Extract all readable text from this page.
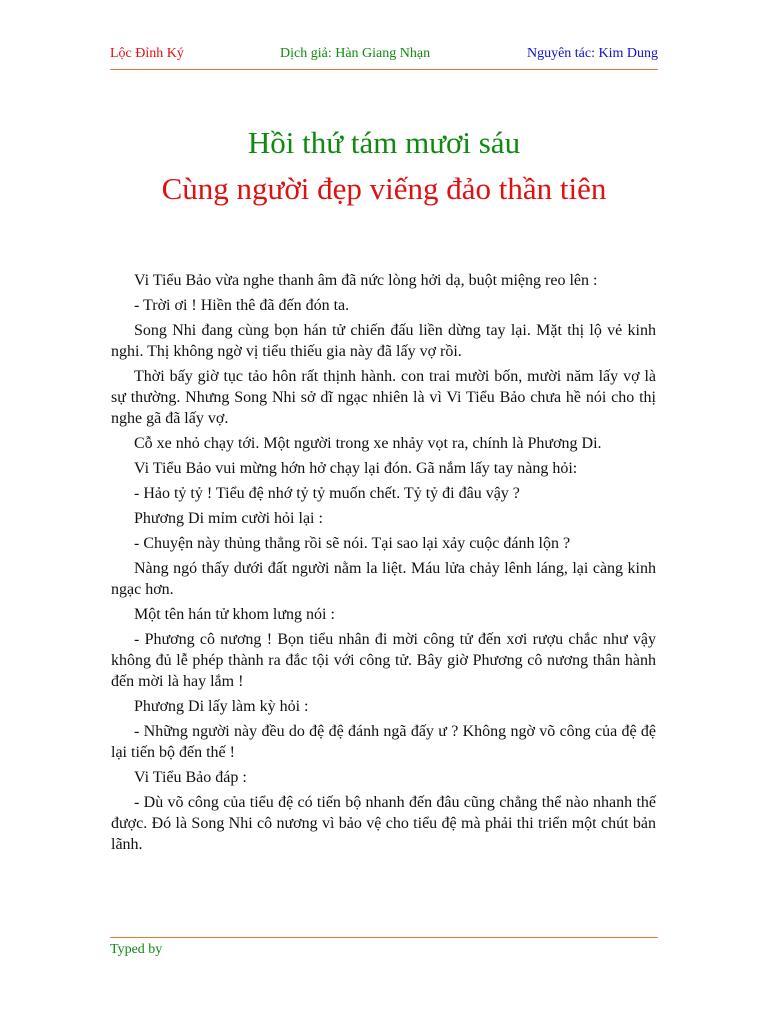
Lộc Đỉnh Ký	Dịch giả: Hàn Giang Nhạn	Nguyên tác: Kim Dung
Hồi thứ tám mươi sáu
Cùng người đẹp viếng đảo thần tiên

Vi Tiểu Bảo vừa nghe thanh âm đã nức lòng hởi dạ, buột miệng reo lên :

- Trời ơi ! Hiền thê đã đến đón ta.

Song Nhi đang cùng bọn hán tử chiến đấu liền dừng tay lại. Mặt thị lộ vẻ kinh nghi. Thị không ngờ vị tiểu thiếu gia này đã lấy vợ rồi.

Thời bấy giờ tục tảo hôn rất thịnh hành. con trai mười bốn, mười năm lấy vợ là sự thường. Nhưng Song Nhi sở dĩ ngạc nhiên là vì Vi Tiểu Bảo chưa hề nói cho thị nghe gã đã lấy vợ.

Cỗ xe nhỏ chạy tới. Một người trong xe nhảy vọt ra, chính là Phương Di.

Vi Tiểu Bảo vui mừng hớn hở chạy lại đón. Gã nắm lấy tay nàng hỏi:

- Hảo tỷ tỷ ! Tiểu đệ nhớ tỷ tỷ muốn chết. Tỷ tỷ đi đâu vậy ?

Phương Di mỉm cười hỏi lại :

- Chuyện này thủng thẳng rồi sẽ nói. Tại sao lại xảy cuộc đánh lộn ?

Nàng ngó thấy dưới đất người nằm la liệt. Máu lửa chảy lênh láng, lại càng kinh ngạc hơn.

Một tên hán tử khom lưng nói :

- Phương cô nương ! Bọn tiểu nhân đi mời công tử đến xơi rượu chắc như vậy không đủ lễ phép thành ra đắc tội với công tử. Bây giờ Phương cô nương thân hành đến mời là hay lắm !

Phương Di lấy làm kỳ hỏi :

- Những người này đều do đệ đệ đánh ngã đấy ư ? Không ngờ võ công của đệ đệ lại tiến bộ đến thế !

Vi Tiểu Bảo đáp :

- Dù võ công của tiểu đệ có tiến bộ nhanh đến đâu cũng chẳng thể nào nhanh thế được. Đó là Song Nhi cô nương vì bảo vệ cho tiểu đệ mà phải thi triển một chút bản lãnh.

Typed by
